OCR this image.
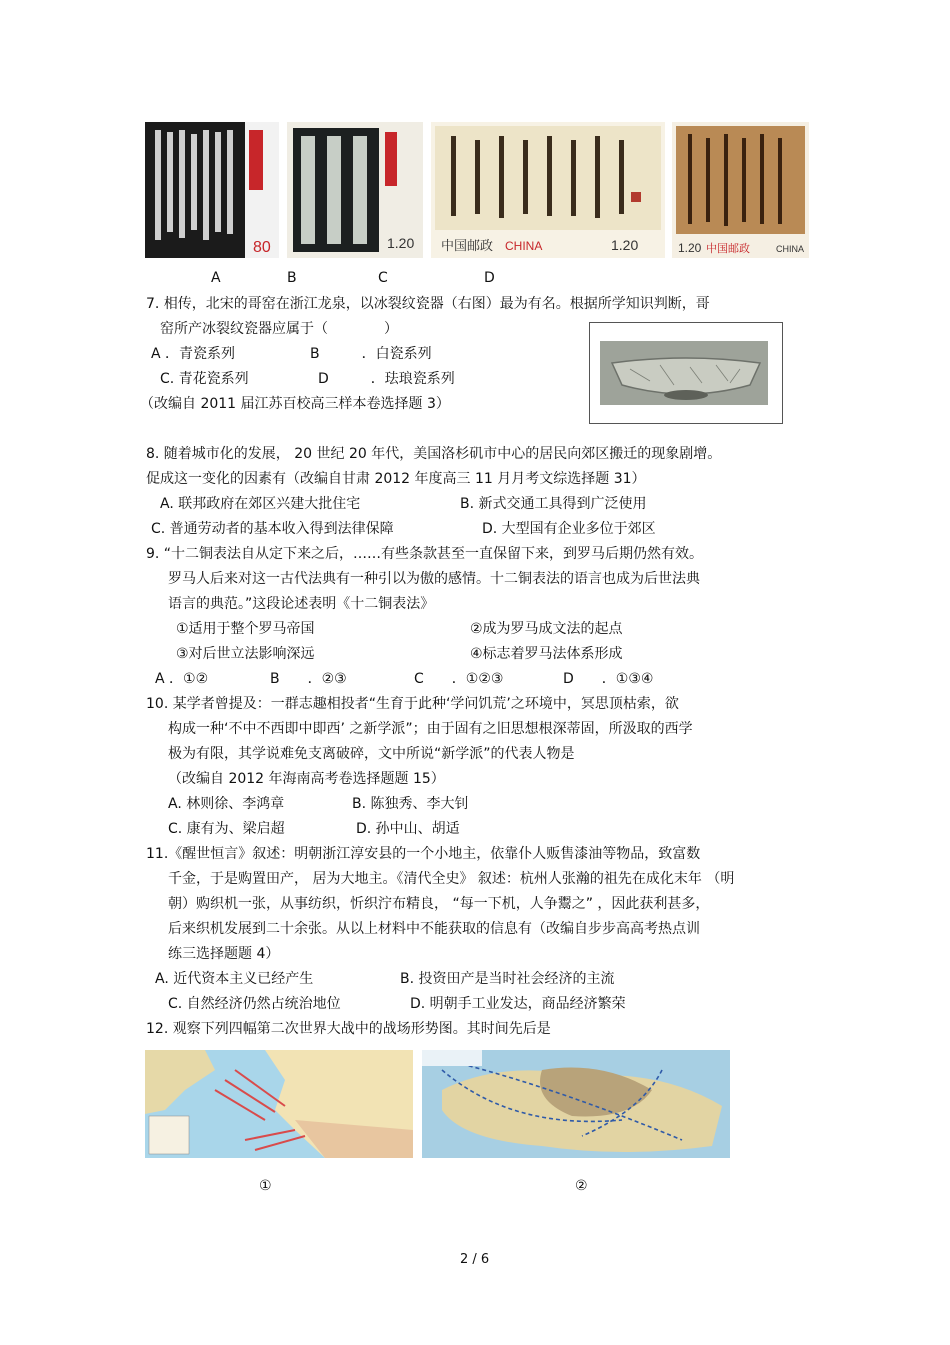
80	1.20 中国邮政 CHINA	1.20	1.20 中国邮政	CHINA
A	B	C	D
7. 相传，北宋的哥窑在浙江龙泉，以冰裂纹瓷器（右图）最为有名。根据所学知识判断，哥
窑所产冰裂纹瓷器应属于（　　　　）
A ．青瓷系列	B　　　．白瓷系列
C. 青花瓷系列	D　　　．珐琅瓷系列
（改编自 2011 届江苏百校高三样本卷选择题 3）
8. 随着城市化的发展， 20 世纪 20 年代，美国洛杉矶市中心的居民向郊区搬迁的现象剧增。
促成这一变化的因素有（改编自甘肃 2012 年度高三 11 月月考文综选择题 31）
A. 联邦政府在郊区兴建大批住宅	B. 新式交通工具得到广泛使用
C. 普通劳动者的基本收入得到法律保障	D. 大型国有企业多位于郊区
9. “十二铜表法自从定下来之后，……有些条款甚至一直保留下来，到罗马后期仍然有效。
罗马人后来对这一古代法典有一种引以为傲的感情。十二铜表法的语言也成为后世法典
语言的典范。”这段论述表明《十二铜表法》
①适用于整个罗马帝国	②成为罗马成文法的起点
③对后世立法影响深远	④标志着罗马法体系形成
A ．①②	B　　．②③	C　　．①②③	D　　．①③④
10. 某学者曾提及：一群志趣相投者“生育于此种‘学问饥荒’之环境中，冥思顶枯索，欲
构成一种‘不中不西即中即西’ 之新学派”；由于固有之旧思想根深蒂固，所汲取的西学
极为有限，其学说难免支离破碎，文中所说“新学派”的代表人物是
（改编自 2012 年海南高考卷选择题题 15）
A. 林则徐、李鸿章	B. 陈独秀、李大钊
C. 康有为、梁启超	D. 孙中山、胡适
11.《醒世恒言》叙述：明朝浙江淳安县的一个小地主，依靠仆人贩售漆油等物品，致富数
千金，于是购置田产， 居为大地主。《清代全史》 叙述：杭州人张瀚的祖先在成化末年 （明
朝）购织机一张，从事纺织，忻织泞布精良， “每一下机，人争鬻之” ，因此获利甚多，
后来织机发展到二十余张。从以上材料中不能获取的信息有（改编自步步高高考热点训
练三选择题题 4）
A. 近代资本主义已经产生	B. 投资田产是当时社会经济的主流
C. 自然经济仍然占统治地位	D. 明朝手工业发达，商品经济繁荣
12. 观察下列四幅第二次世界大战中的战场形势图。其时间先后是
①	②
2 / 6
